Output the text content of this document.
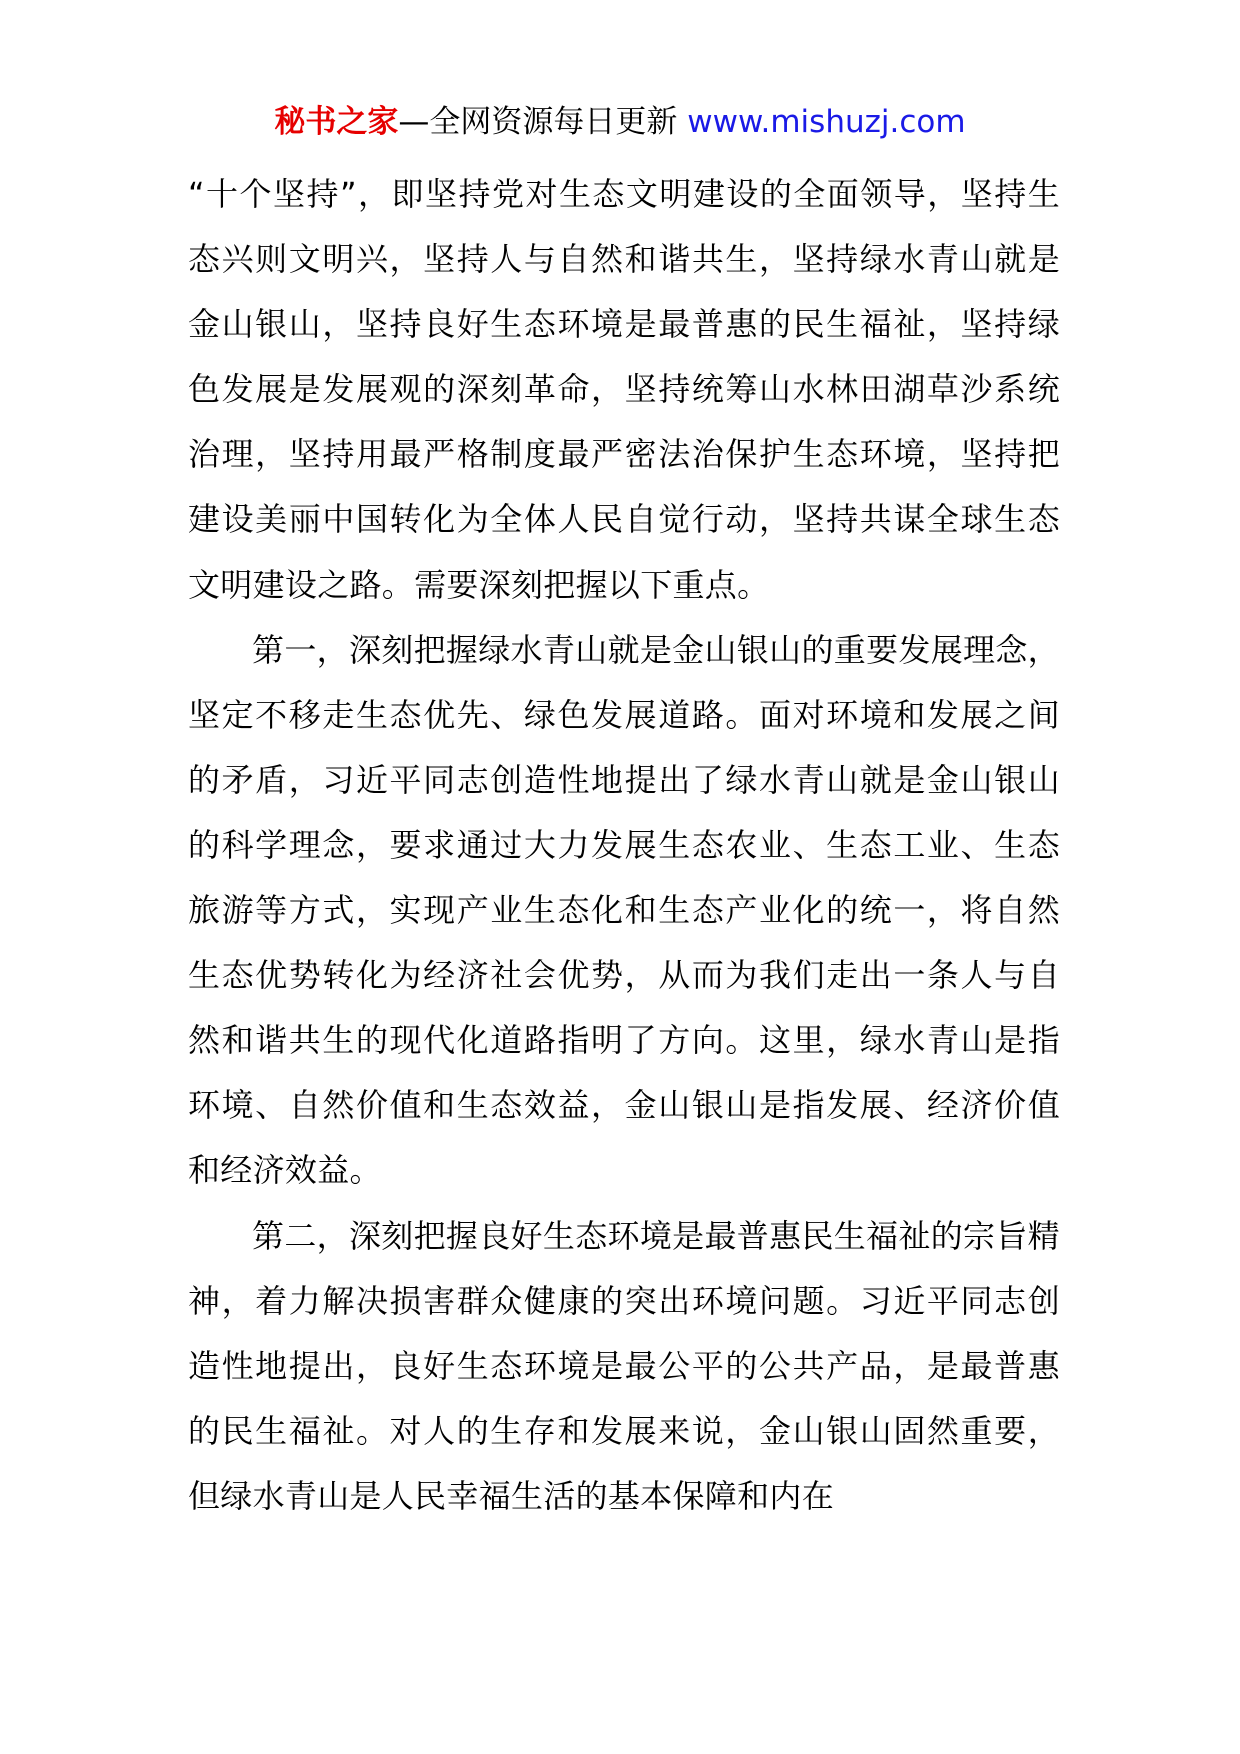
秘书之家—全网资源每日更新 www.mishuzj.com

“十个坚持”，即坚持党对生态文明建设的全面领导，坚持生态兴则文明兴，坚持人与自然和谐共生，坚持绿水青山就是金山银山，坚持良好生态环境是最普惠的民生福祉，坚持绿色发展是发展观的深刻革命，坚持统筹山水林田湖草沙系统治理，坚持用最严格制度最严密法治保护生态环境，坚持把建设美丽中国转化为全体人民自觉行动，坚持共谋全球生态文明建设之路。需要深刻把握以下重点。

第一，深刻把握绿水青山就是金山银山的重要发展理念，坚定不移走生态优先、绿色发展道路。面对环境和发展之间的矛盾，习近平同志创造性地提出了绿水青山就是金山银山的科学理念，要求通过大力发展生态农业、生态工业、生态旅游等方式，实现产业生态化和生态产业化的统一，将自然生态优势转化为经济社会优势，从而为我们走出一条人与自然和谐共生的现代化道路指明了方向。这里，绿水青山是指环境、自然价值和生态效益，金山银山是指发展、经济价值和经济效益。

第二，深刻把握良好生态环境是最普惠民生福祉的宗旨精神，着力解决损害群众健康的突出环境问题。习近平同志创造性地提出，良好生态环境是最公平的公共产品，是最普惠的民生福祉。对人的生存和发展来说，金山银山固然重要，但绿水青山是人民幸福生活的基本保障和内在
